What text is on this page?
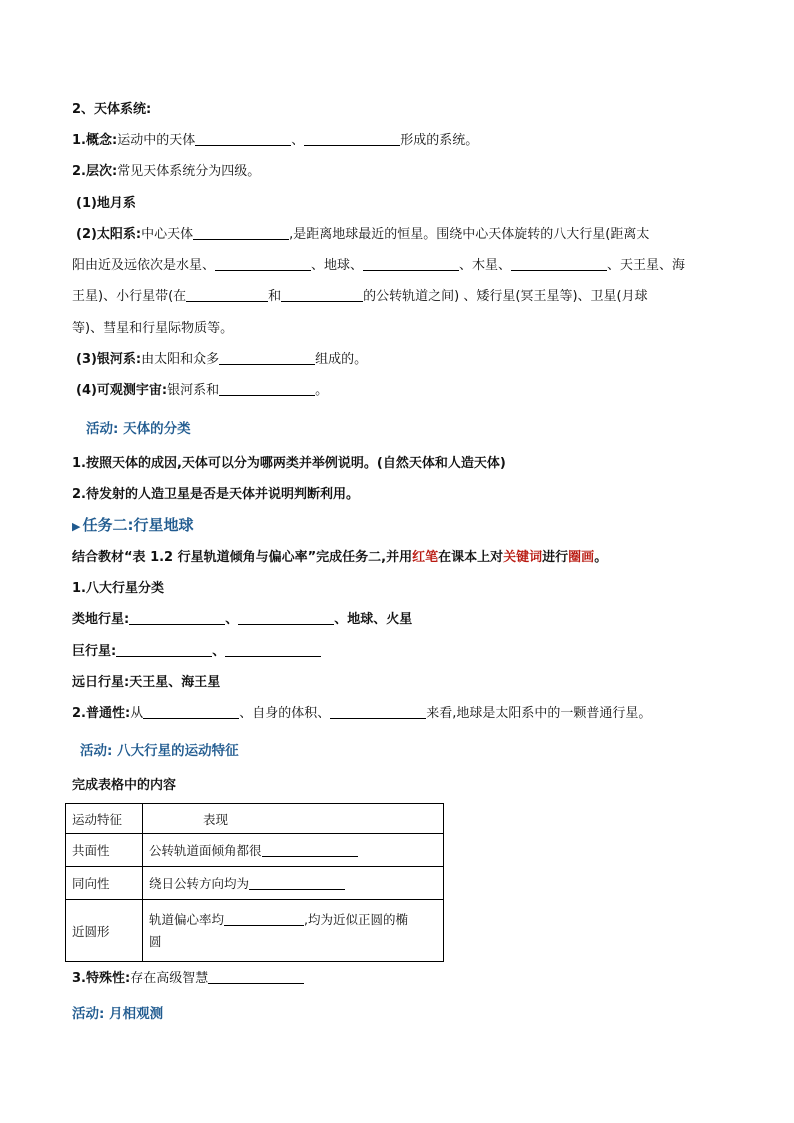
2、天体系统:
1.概念:运动中的天体	、	形成的系统。
2.层次:常见天体系统分为四级。
(1)地月系
(2)太阳系:中心天体	,是距离地球最近的恒星。围绕中心天体旋转的八大行星(距离太
阳由近及远依次是水星、	、地球、	、木星、	、天王星、海
王星)、小行星带(在	和	的公转轨道之间) 、矮行星(冥王星等)、卫星(月球
等)、彗星和行星际物质等。
(3)银河系:由太阳和众多	组成的。
(4)可观测宇宙:银河系和	。
活动: 天体的分类
1.按照天体的成因,天体可以分为哪两类并举例说明。(自然天体和人造天体)
2.待发射的人造卫星是否是天体并说明判断利用。
▶ 任务二:行星地球
结合教材“表 1.2 行星轨道倾角与偏心率”完成任务二,并用红笔在课本上对关键词进行圈画。
1.八大行星分类
类地行星:	、	、地球、火星
巨行星:	、
远日行星:天王星、海王星
2.普通性:从	、自身的体积、	来看,地球是太阳系中的一颗普通行星。
活动: 八大行星的运动特征
完成表格中的内容
运动特征	表现
共面性	公转轨道面倾角都很
同向性	绕日公转方向均为
近圆形	轨道偏心率均 ,均为近似正圆的椭
圆
3.特殊性:存在高级智慧
活动: 月相观测
